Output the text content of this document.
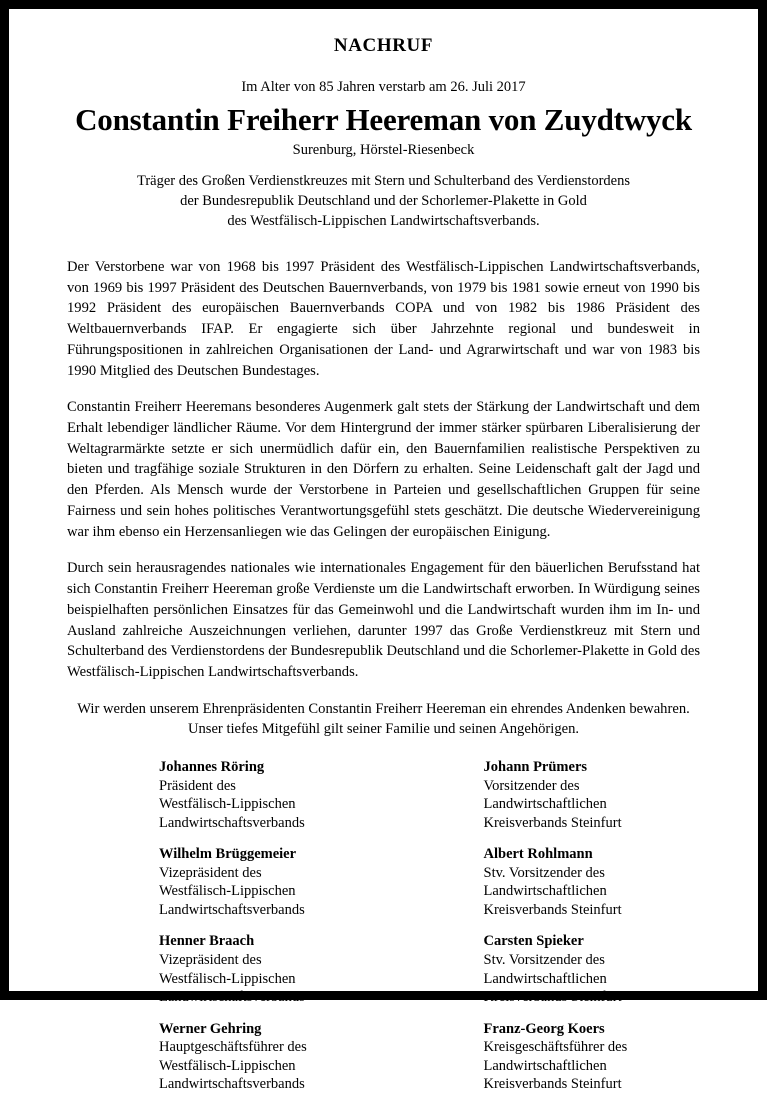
NACHRUF
Im Alter von 85 Jahren verstarb am 26. Juli 2017
Constantin Freiherr Heereman von Zuydtwyck
Surenburg, Hörstel-Riesenbeck
Träger des Großen Verdienstkreuzes mit Stern und Schulterband des Verdienstordens
der Bundesrepublik Deutschland und der Schorlemer-Plakette in Gold
des Westfälisch-Lippischen Landwirtschaftsverbands.

Der Verstorbene war von 1968 bis 1997 Präsident des Westfälisch-Lippischen Landwirtschaftsverbands, von 1969 bis 1997 Präsident des Deutschen Bauernverbands, von 1979 bis 1981 sowie erneut von 1990 bis 1992 Präsident des europäischen Bauernverbands COPA und von 1982 bis 1986 Präsident des Weltbauernverbands IFAP. Er engagierte sich über Jahrzehnte regional und bundesweit in Führungspositionen in zahlreichen Organisationen der Land- und Agrarwirtschaft und war von 1983 bis 1990 Mitglied des Deutschen Bundestages.

Constantin Freiherr Heeremans besonderes Augenmerk galt stets der Stärkung der Landwirtschaft und dem Erhalt lebendiger ländlicher Räume. Vor dem Hintergrund der immer stärker spürbaren Liberalisierung der Weltagrarmärkte setzte er sich unermüdlich dafür ein, den Bauernfamilien realistische Perspektiven zu bieten und tragfähige soziale Strukturen in den Dörfern zu erhalten. Seine Leidenschaft galt der Jagd und den Pferden. Als Mensch wurde der Verstorbene in Parteien und gesellschaftlichen Gruppen für seine Fairness und sein hohes politisches Verantwortungsgefühl stets geschätzt. Die deutsche Wiedervereinigung war ihm ebenso ein Herzensanliegen wie das Gelingen der europäischen Einigung.

Durch sein herausragendes nationales wie internationales Engagement für den bäuerlichen Berufsstand hat sich Constantin Freiherr Heereman große Verdienste um die Landwirtschaft erworben. In Würdigung seines beispielhaften persönlichen Einsatzes für das Gemeinwohl und die Landwirtschaft wurden ihm im In- und Ausland zahlreiche Auszeichnungen verliehen, darunter 1997 das Große Verdienstkreuz mit Stern und Schulterband des Verdienstordens der Bundesrepublik Deutschland und die Schorlemer-Plakette in Gold des Westfälisch-Lippischen Landwirtschaftsverbands.

Wir werden unserem Ehrenpräsidenten Constantin Freiherr Heereman ein ehrendes Andenken bewahren. Unser tiefes Mitgefühl gilt seiner Familie und seinen Angehörigen.
Johannes Röring
Präsident des
Westfälisch-Lippischen
Landwirtschaftsverbands
Wilhelm Brüggemeier
Vizepräsident des
Westfälisch-Lippischen
Landwirtschaftsverbands
Henner Braach
Vizepräsident des
Westfälisch-Lippischen
Landwirtschaftsverbands
Werner Gehring
Hauptgeschäftsführer des
Westfälisch-Lippischen
Landwirtschaftsverbands
Johann Prümers
Vorsitzender des
Landwirtschaftlichen
Kreisverbands Steinfurt
Albert Rohlmann
Stv. Vorsitzender des
Landwirtschaftlichen
Kreisverbands Steinfurt
Carsten Spieker
Stv. Vorsitzender des
Landwirtschaftlichen
Kreisverbands Steinfurt
Franz-Georg Koers
Kreisgeschäftsführer des
Landwirtschaftlichen
Kreisverbands Steinfurt
